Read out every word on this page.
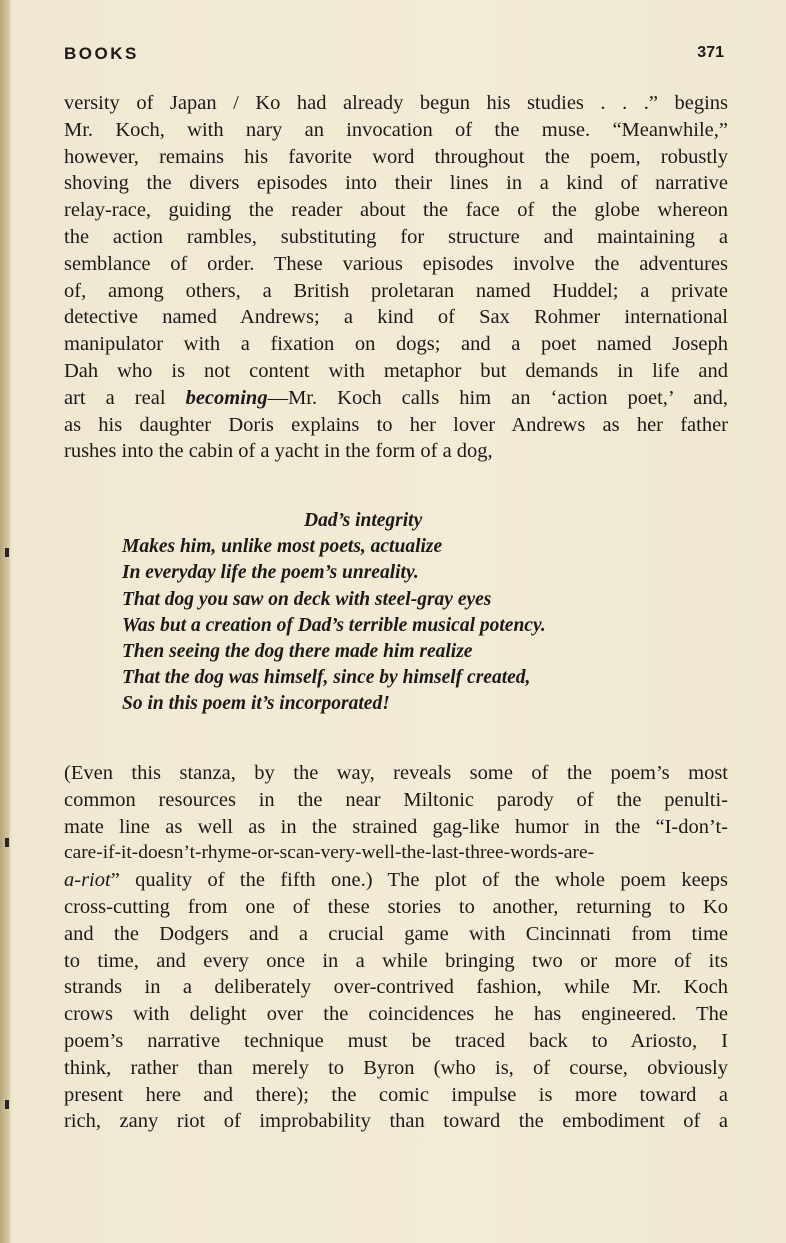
BOOKS	371
versity of Japan / Ko had already begun his studies . . .” begins
Mr. Koch, with nary an invocation of the muse. “Meanwhile,”
however, remains his favorite word throughout the poem, robustly
shoving the divers episodes into their lines in a kind of narrative
relay-race, guiding the reader about the face of the globe whereon
the action rambles, substituting for structure and maintaining a
semblance of order. These various episodes involve the adventures
of, among others, a British proletaran named Huddel; a private
detective named Andrews; a kind of Sax Rohmer international
manipulator with a fixation on dogs; and a poet named Joseph
Dah who is not content with metaphor but demands in life and
art a real becoming—Mr. Koch calls him an ‘action poet,’ and,
as his daughter Doris explains to her lover Andrews as her father
rushes into the cabin of a yacht in the form of a dog,
Dad’s integrity
Makes him, unlike most poets, actualize
In everyday life the poem’s unreality.
That dog you saw on deck with steel-gray eyes
Was but a creation of Dad’s terrible musical potency.
Then seeing the dog there made him realize
That the dog was himself, since by himself created,
So in this poem it’s incorporated!
(Even this stanza, by the way, reveals some of the poem’s most
common resources in the near Miltonic parody of the penulti-
mate line as well as in the strained gag-like humor in the “I-don’t-
care-if-it-doesn’t-rhyme-or-scan-very-well-the-last-three-words-are-
a-riot” quality of the fifth one.) The plot of the whole poem keeps
cross-cutting from one of these stories to another, returning to Ko
and the Dodgers and a crucial game with Cincinnati from time
to time, and every once in a while bringing two or more of its
strands in a deliberately over-contrived fashion, while Mr. Koch
crows with delight over the coincidences he has engineered. The
poem’s narrative technique must be traced back to Ariosto, I
think, rather than merely to Byron (who is, of course, obviously
present here and there); the comic impulse is more toward a
rich, zany riot of improbability than toward the embodiment of a
